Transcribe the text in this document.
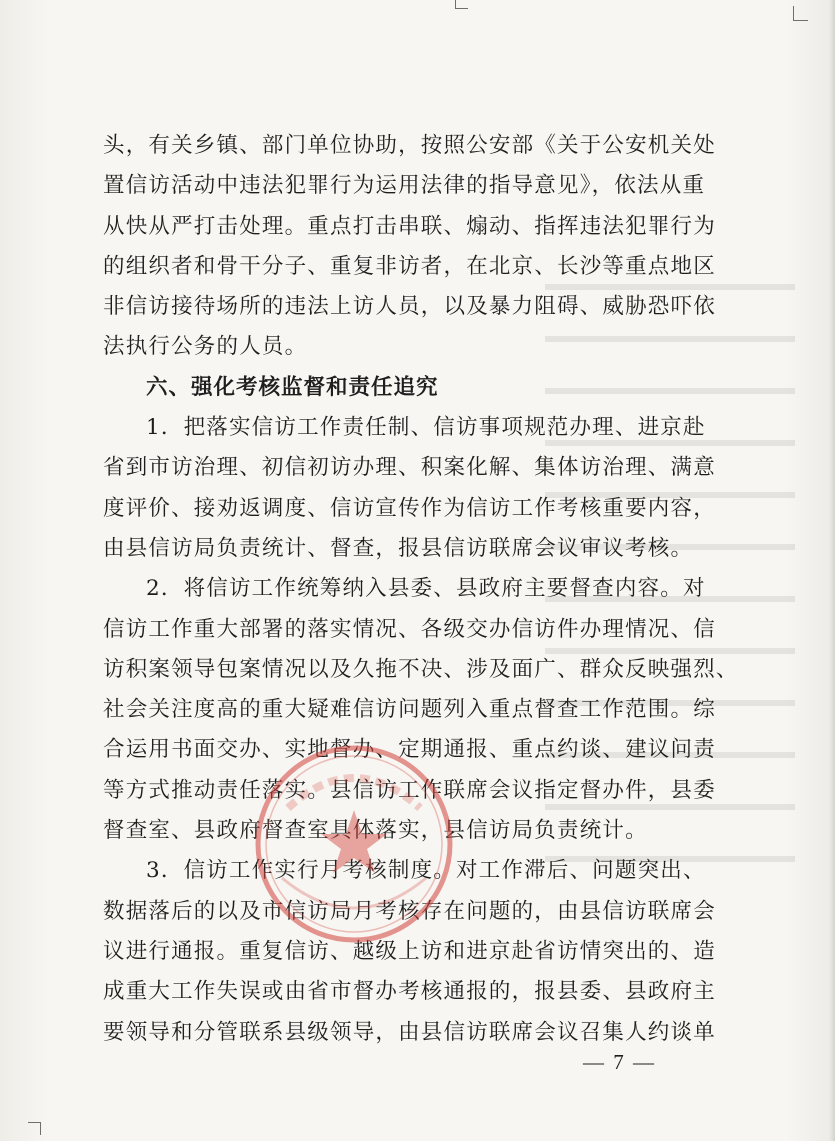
头，有关乡镇、部门单位协助，按照公安部《关于公安机关处
置信访活动中违法犯罪行为运用法律的指导意见》，依法从重
从快从严打击处理。重点打击串联、煽动、指挥违法犯罪行为
的组织者和骨干分子、重复非访者，在北京、长沙等重点地区
非信访接待场所的违法上访人员，以及暴力阻碍、威胁恐吓依
法执行公务的人员。

六、强化考核监督和责任追究

1．把落实信访工作责任制、信访事项规范办理、进京赴
省到市访治理、初信初访办理、积案化解、集体访治理、满意
度评价、接劝返调度、信访宣传作为信访工作考核重要内容，
由县信访局负责统计、督查，报县信访联席会议审议考核。

2．将信访工作统筹纳入县委、县政府主要督查内容。对
信访工作重大部署的落实情况、各级交办信访件办理情况、信
访积案领导包案情况以及久拖不决、涉及面广、群众反映强烈、
社会关注度高的重大疑难信访问题列入重点督查工作范围。综
合运用书面交办、实地督办、定期通报、重点约谈、建议问责
等方式推动责任落实。县信访工作联席会议指定督办件，县委
督查室、县政府督查室具体落实，县信访局负责统计。

3．信访工作实行月考核制度。对工作滞后、问题突出、
数据落后的以及市信访局月考核存在问题的，由县信访联席会
议进行通报。重复信访、越级上访和进京赴省访情突出的、造
成重大工作失误或由省市督办考核通报的，报县委、县政府主
要领导和分管联系县级领导，由县信访联席会议召集人约谈单

— 7 —
